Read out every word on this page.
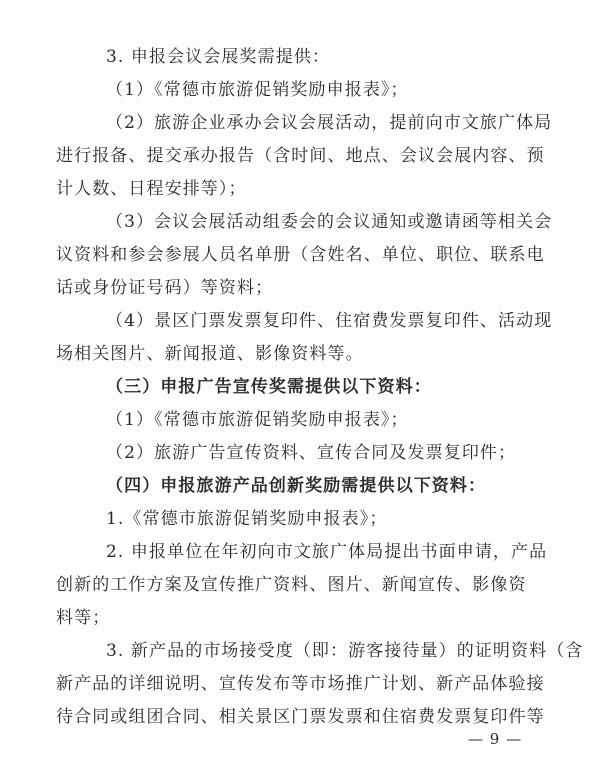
3. 申报会议会展奖需提供：
（1）《常德市旅游促销奖励申报表》；
（2）旅游企业承办会议会展活动，提前向市文旅广体局
进行报备、提交承办报告（含时间、地点、会议会展内容、预
计人数、日程安排等）；
（3）会议会展活动组委会的会议通知或邀请函等相关会
议资料和参会参展人员名单册（含姓名、单位、职位、联系电
话或身份证号码）等资料；
（4）景区门票发票复印件、住宿费发票复印件、活动现
场相关图片、新闻报道、影像资料等。
（三）申报广告宣传奖需提供以下资料：
（1）《常德市旅游促销奖励申报表》；
（2）旅游广告宣传资料、宣传合同及发票复印件；
（四）申报旅游产品创新奖励需提供以下资料：
1.《常德市旅游促销奖励申报表》；
2. 申报单位在年初向市文旅广体局提出书面申请，产品
创新的工作方案及宣传推广资料、图片、新闻宣传、影像资
料等；
3. 新产品的市场接受度（即：游客接待量）的证明资料（含
新产品的详细说明、宣传发布等市场推广计划、新产品体验接
待合同或组团合同、相关景区门票发票和住宿费发票复印件等
— 9 —
